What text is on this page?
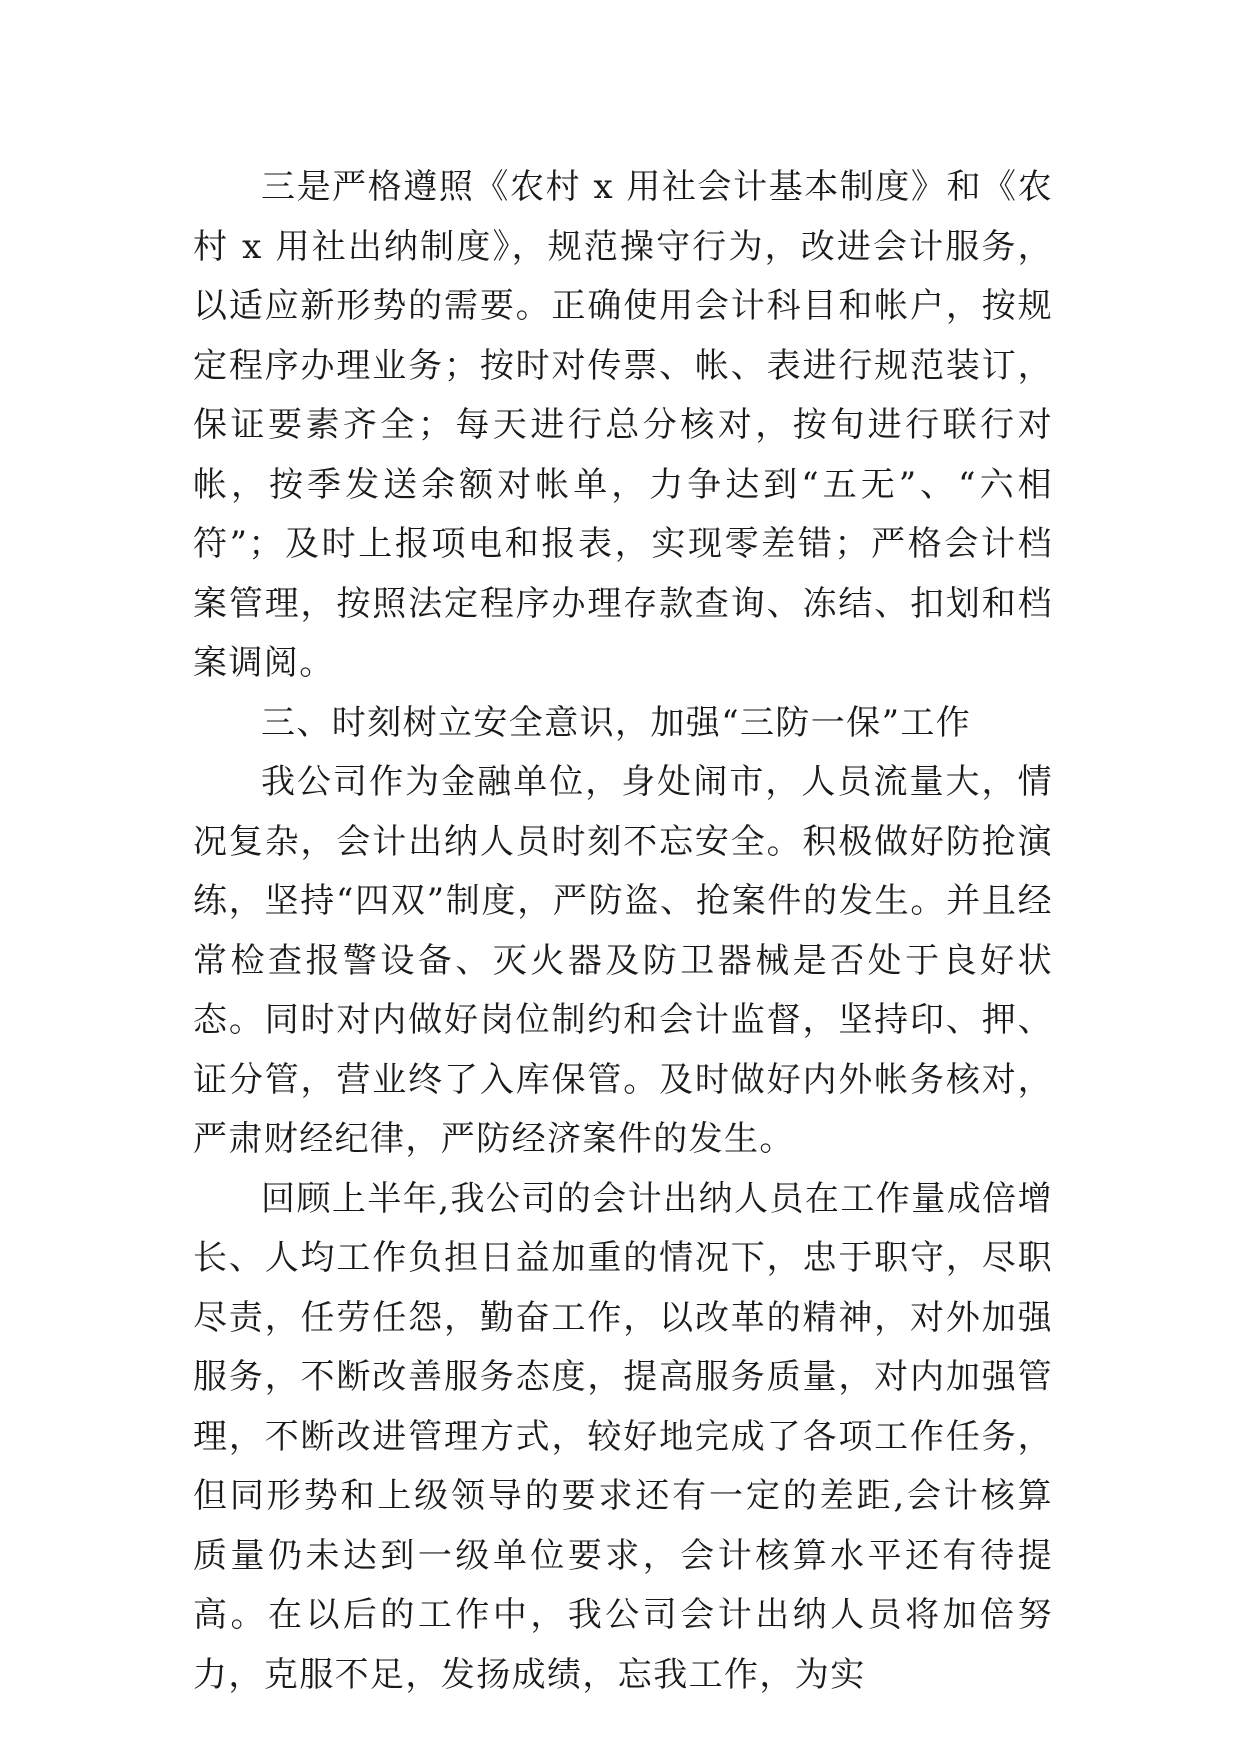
三是严格遵照《农村 x 用社会计基本制度》和《农村 x 用社出纳制度》，规范操守行为，改进会计服务，以适应新形势的需要。正确使用会计科目和帐户，按规定程序办理业务；按时对传票、帐、表进行规范装订，保证要素齐全；每天进行总分核对，按旬进行联行对帐，按季发送余额对帐单，力争达到“五无”、“六相符”；及时上报项电和报表，实现零差错；严格会计档案管理，按照法定程序办理存款查询、冻结、扣划和档案调阅。

三、时刻树立安全意识，加强“三防一保”工作

我公司作为金融单位，身处闹市，人员流量大，情况复杂，会计出纳人员时刻不忘安全。积极做好防抢演练，坚持“四双”制度，严防盗、抢案件的发生。并且经常检查报警设备、灭火器及防卫器械是否处于良好状态。同时对内做好岗位制约和会计监督，坚持印、押、证分管，营业终了入库保管。及时做好内外帐务核对，严肃财经纪律，严防经济案件的发生。

回顾上半年,我公司的会计出纳人员在工作量成倍增长、人均工作负担日益加重的情况下，忠于职守，尽职尽责，任劳任怨，勤奋工作，以改革的精神，对外加强服务，不断改善服务态度，提高服务质量，对内加强管理，不断改进管理方式，较好地完成了各项工作任务，但同形势和上级领导的要求还有一定的差距,会计核算质量仍未达到一级单位要求，会计核算水平还有待提高。在以后的工作中，我公司会计出纳人员将加倍努力，克服不足，发扬成绩，忘我工作，为实
